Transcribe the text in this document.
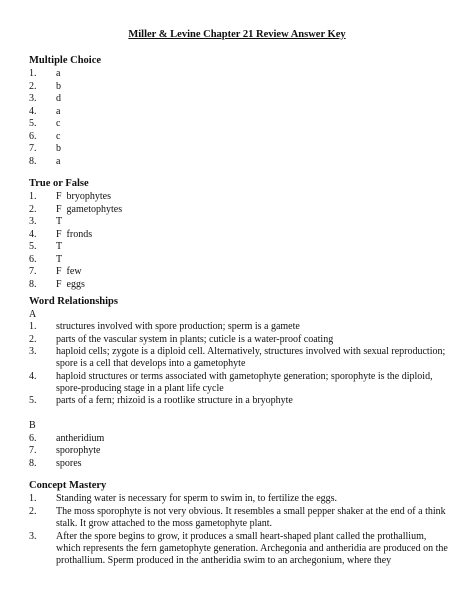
Miller & Levine Chapter 21 Review Answer Key
Multiple Choice
1. a
2. b
3. d
4. a
5. c
6. c
7. b
8. a
True or False
1. F  bryophytes
2. F  gametophytes
3. T
4. F  fronds
5. T
6. T
7. F  few
8. F  eggs
Word Relationships
A
1.	structures involved with spore production; sperm is a gamete
2.	parts of the vascular system in plants; cuticle is a water-proof coating
3.	haploid cells; zygote is a diploid cell. Alternatively, structures involved with sexual reproduction; spore is a cell that develops into a gametophyte
4.	haploid structures or terms associated with gametophyte generation; sporophyte is the diploid, spore-producing stage in a plant life cycle
5.	parts of a fern; rhizoid is a rootlike structure in a bryophyte
B
6.	antheridium
7.	sporophyte
8.	spores
Concept Mastery
1.	Standing water is necessary for sperm to swim in, to fertilize the eggs.
2.	The moss sporophyte is not very obvious. It resembles a small pepper shaker at the end of a think stalk. It grow attached to the moss gametophyte plant.
3.	After the spore begins to grow, it produces a small heart-shaped plant called the prothallium, which represents the fern gametophyte generation. Archegonia and antheridia are produced on the prothallium. Sperm produced in the antheridia swim to an archegonium, where they
